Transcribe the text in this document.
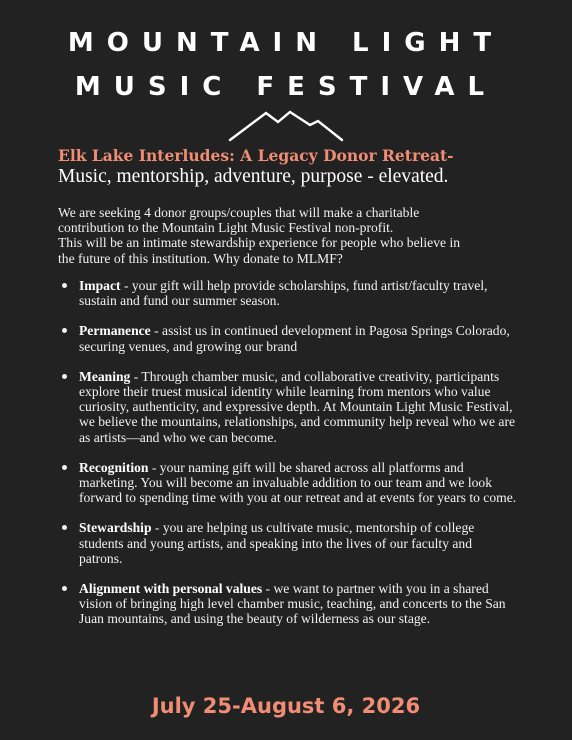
MOUNTAIN LIGHT
MUSIC FESTIVAL
Elk Lake Interludes: A Legacy Donor Retreat-
Music, mentorship, adventure, purpose - elevated.

We are seeking 4 donor groups/couples that will make a charitable

contribution to the Mountain Light Music Festival non-profit.

This will be an intimate stewardship experience for people who believe in

the future of this institution. Why donate to MLMF?

Impact - your gift will help provide scholarships, fund artist/faculty travel, sustain and fund our summer season.
Permanence - assist us in continued development in Pagosa Springs Colorado, securing venues, and growing our brand
Meaning - Through chamber music, and collaborative creativity, participants explore their truest musical identity while learning from mentors who value curiosity, authenticity, and expressive depth. At Mountain Light Music Festival, we believe the mountains, relationships, and community help reveal who we are as artists—and who we can become.
Recognition - your naming gift will be shared across all platforms and marketing. You will become an invaluable addition to our team and we look forward to spending time with you at our retreat and at events for years to come.
Stewardship - you are helping us cultivate music, mentorship of college students and young artists, and speaking into the lives of our faculty and patrons.
Alignment with personal values - we want to partner with you in a shared vision of bringing high level chamber music, teaching, and concerts to the San Juan mountains, and using the beauty of wilderness as our stage.
July 25-August 6, 2026
